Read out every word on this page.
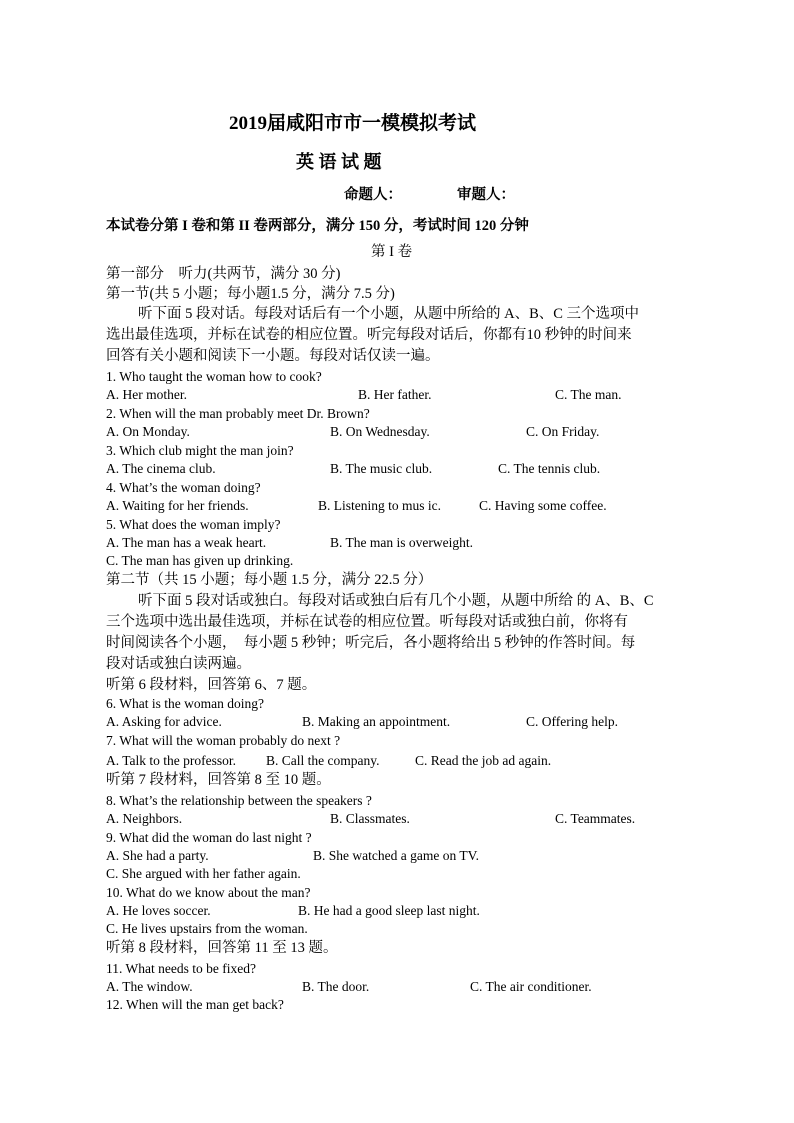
2019届咸阳市市一模模拟考试
英 语 试 题
命题人：	审题人：
本试卷分第 I 卷和第 II 卷两部分，满分 150 分，考试时间 120 分钟
第 I 卷
第一部分　听力(共两节，满分 30 分)
第一节(共 5 小题；每小题1.5 分，满分 7.5 分)
听下面 5 段对话。每段对话后有一个小题，从题中所给的 A、B、C 三个选项中
选出最佳选项，并标在试卷的相应位置。听完每段对话后，你都有10 秒钟的时间来
回答有关小题和阅读下一小题。每段对话仅读一遍。
1. Who taught the woman how to cook?
A. Her mother.	B. Her father.	C. The man.
2. When will the man probably meet Dr. Brown?
A. On Monday.	B. On Wednesday.	C. On Friday.
3. Which club might the man join?
A. The cinema club.	B. The music club.	C. The tennis club.
4. What’s the woman doing?
A. Waiting for her friends.	B. Listening to mus ic.	C. Having some coffee.
5. What does the woman imply?
A. The man has a weak heart.	B. The man is overweight.
C. The man has given up drinking.
第二节（共 15 小题；每小题 1.5 分，满分 22.5 分）
听下面 5 段对话或独白。每段对话或独白后有几个小题，从题中所给 的 A、B、C
三个选项中选出最佳选项，并标在试卷的相应位置。听每段对话或独白前，你将有
时间阅读各个小题，　每小题 5 秒钟；听完后，各小题将给出 5 秒钟的作答时间。每
段对话或独白读两遍。
听第 6 段材料，回答第 6、7 题。
6. What is the woman doing?
A. Asking for advice.	B. Making an appointment.	C. Offering help.
7. What will the woman probably do next ?
A. Talk to the professor. B. Call the company.	C. Read the job ad again.
听第 7 段材料，回答第 8 至 10 题。
8. What’s the relationship between the speakers ?
A. Neighbors.	B. Classmates.	C. Teammates.
9. What did the woman do last night ?
A. She had a party.	B. She watched a game on TV.
C. She argued with her father again.
10. What do we know about the man?
A. He loves soccer.	B. He had a good sleep last night.
C. He lives upstairs from the woman.
听第 8 段材料，回答第 11 至 13 题。
11. What needs to be fixed?
A. The window.	B. The door.	C. The air conditioner.
12. When will the man get back?
